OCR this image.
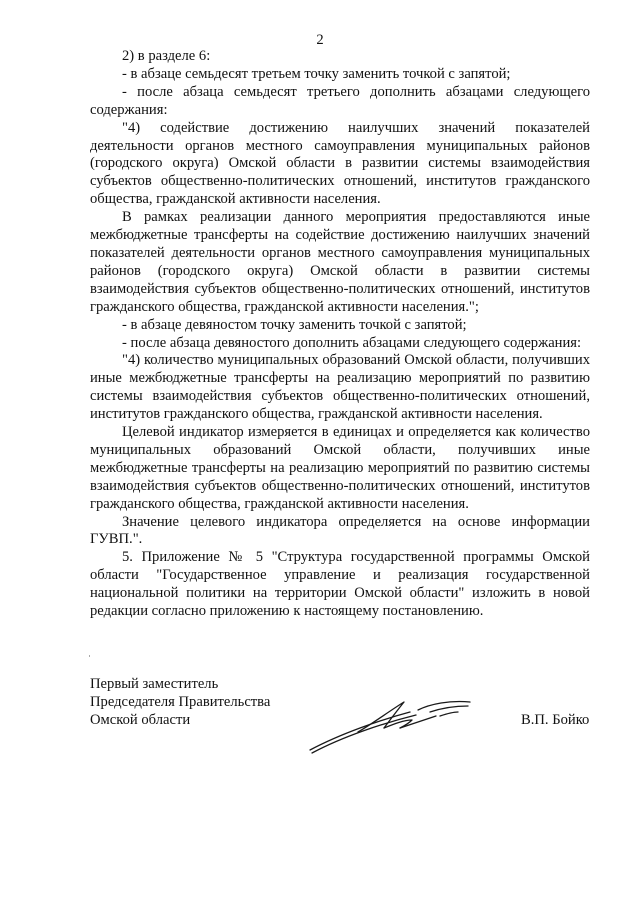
2

2) в разделе 6:

- в абзаце семьдесят третьем точку заменить точкой с запятой;

- после абзаца семьдесят третьего дополнить абзацами следующего содержания:

"4) содействие достижению наилучших значений показателей деятельности органов местного самоуправления муниципальных районов (городского округа) Омской области в развитии системы взаимодействия субъектов общественно-политических отношений, институтов гражданского общества, гражданской активности населения.

В рамках реализации данного мероприятия предоставляются иные межбюджетные трансферты на содействие достижению наилучших значений показателей деятельности органов местного самоуправления муниципальных районов (городского округа) Омской области в развитии системы взаимодействия субъектов общественно-политических отношений, институтов гражданского общества, гражданской активности населения.";

- в абзаце девяностом точку заменить точкой с запятой;

- после абзаца девяностого дополнить абзацами следующего содержания:

"4) количество муниципальных образований Омской области, получивших иные межбюджетные трансферты на реализацию мероприятий по развитию системы взаимодействия субъектов общественно-политических отношений, институтов гражданского общества, гражданской активности населения.

Целевой индикатор измеряется в единицах и определяется как количество муниципальных образований Омской области, получивших иные межбюджетные трансферты на реализацию мероприятий по развитию системы взаимодействия субъектов общественно-политических отношений, институтов гражданского общества, гражданской активности населения.

Значение целевого индикатора определяется на основе информации ГУВП.".

5. Приложение № 5 "Структура государственной программы Омской области "Государственное управление и реализация государственной национальной политики на территории Омской области" изложить в новой редакции согласно приложению к настоящему постановлению.

Первый заместитель
Председателя Правительства
Омской области	В.П. Бойко
